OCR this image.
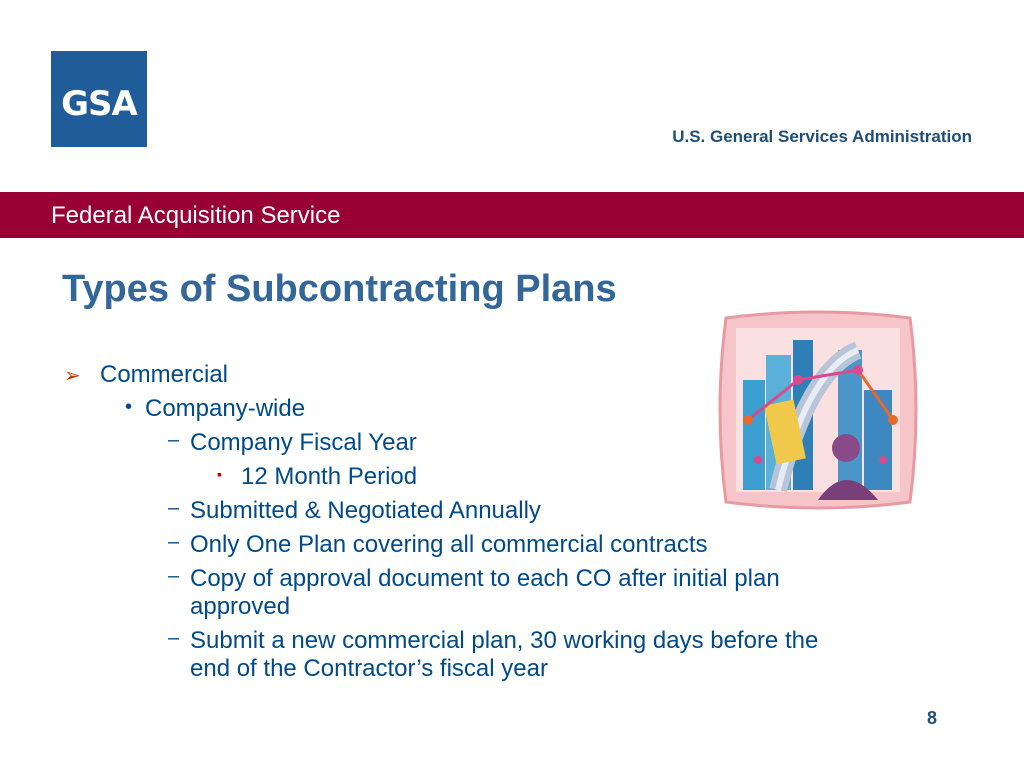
GSA
U.S. General Services Administration
Federal Acquisition Service
Types of Subcontracting Plans
➢ Commercial
• Company-wide
– Company Fiscal Year
▪ 12 Month Period
– Submitted & Negotiated Annually
– Only One Plan covering all commercial contracts
– Copy of approval document to each CO after initial plan
approved
– Submit a new commercial plan, 30 working days before the
end of the Contractor’s fiscal year
8
